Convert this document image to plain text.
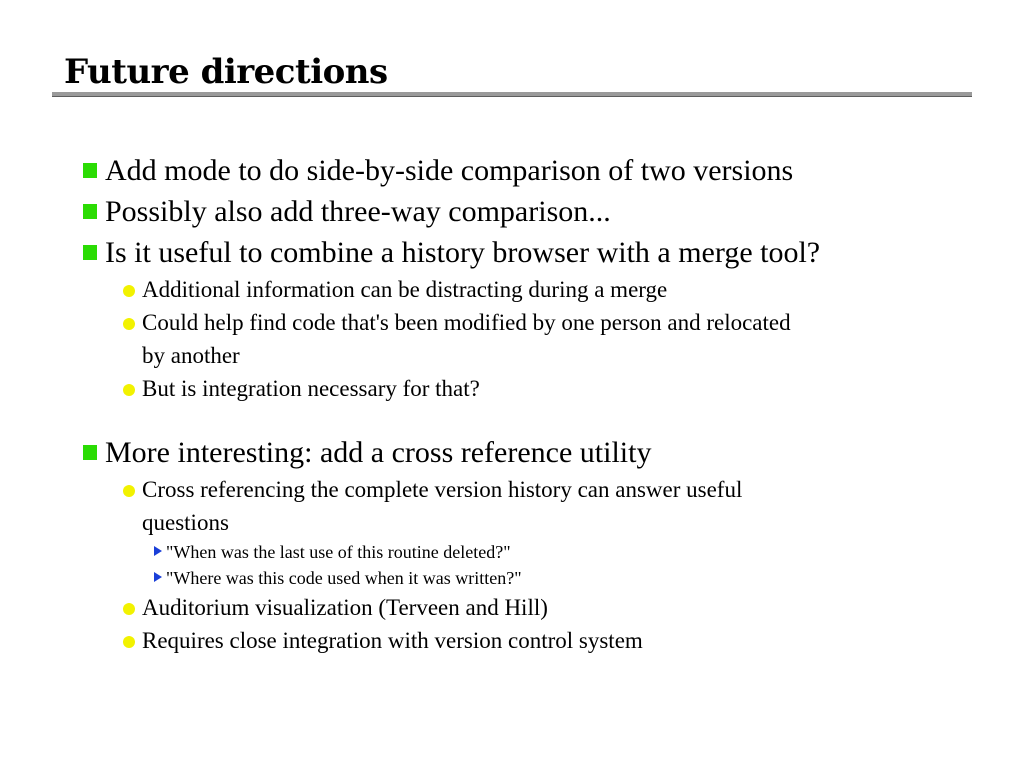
Future directions
Add mode to do side-by-side comparison of two versions
Possibly also add three-way comparison...
Is it useful to combine a history browser with a merge tool?
Additional information can be distracting during a merge
Could help find code that's been modified by one person and relocated
by another
But is integration necessary for that?
More interesting: add a cross reference utility
Cross referencing the complete version history can answer useful
questions
"When was the last use of this routine deleted?"
"Where was this code used when it was written?"
Auditorium visualization (Terveen and Hill)
Requires close integration with version control system
